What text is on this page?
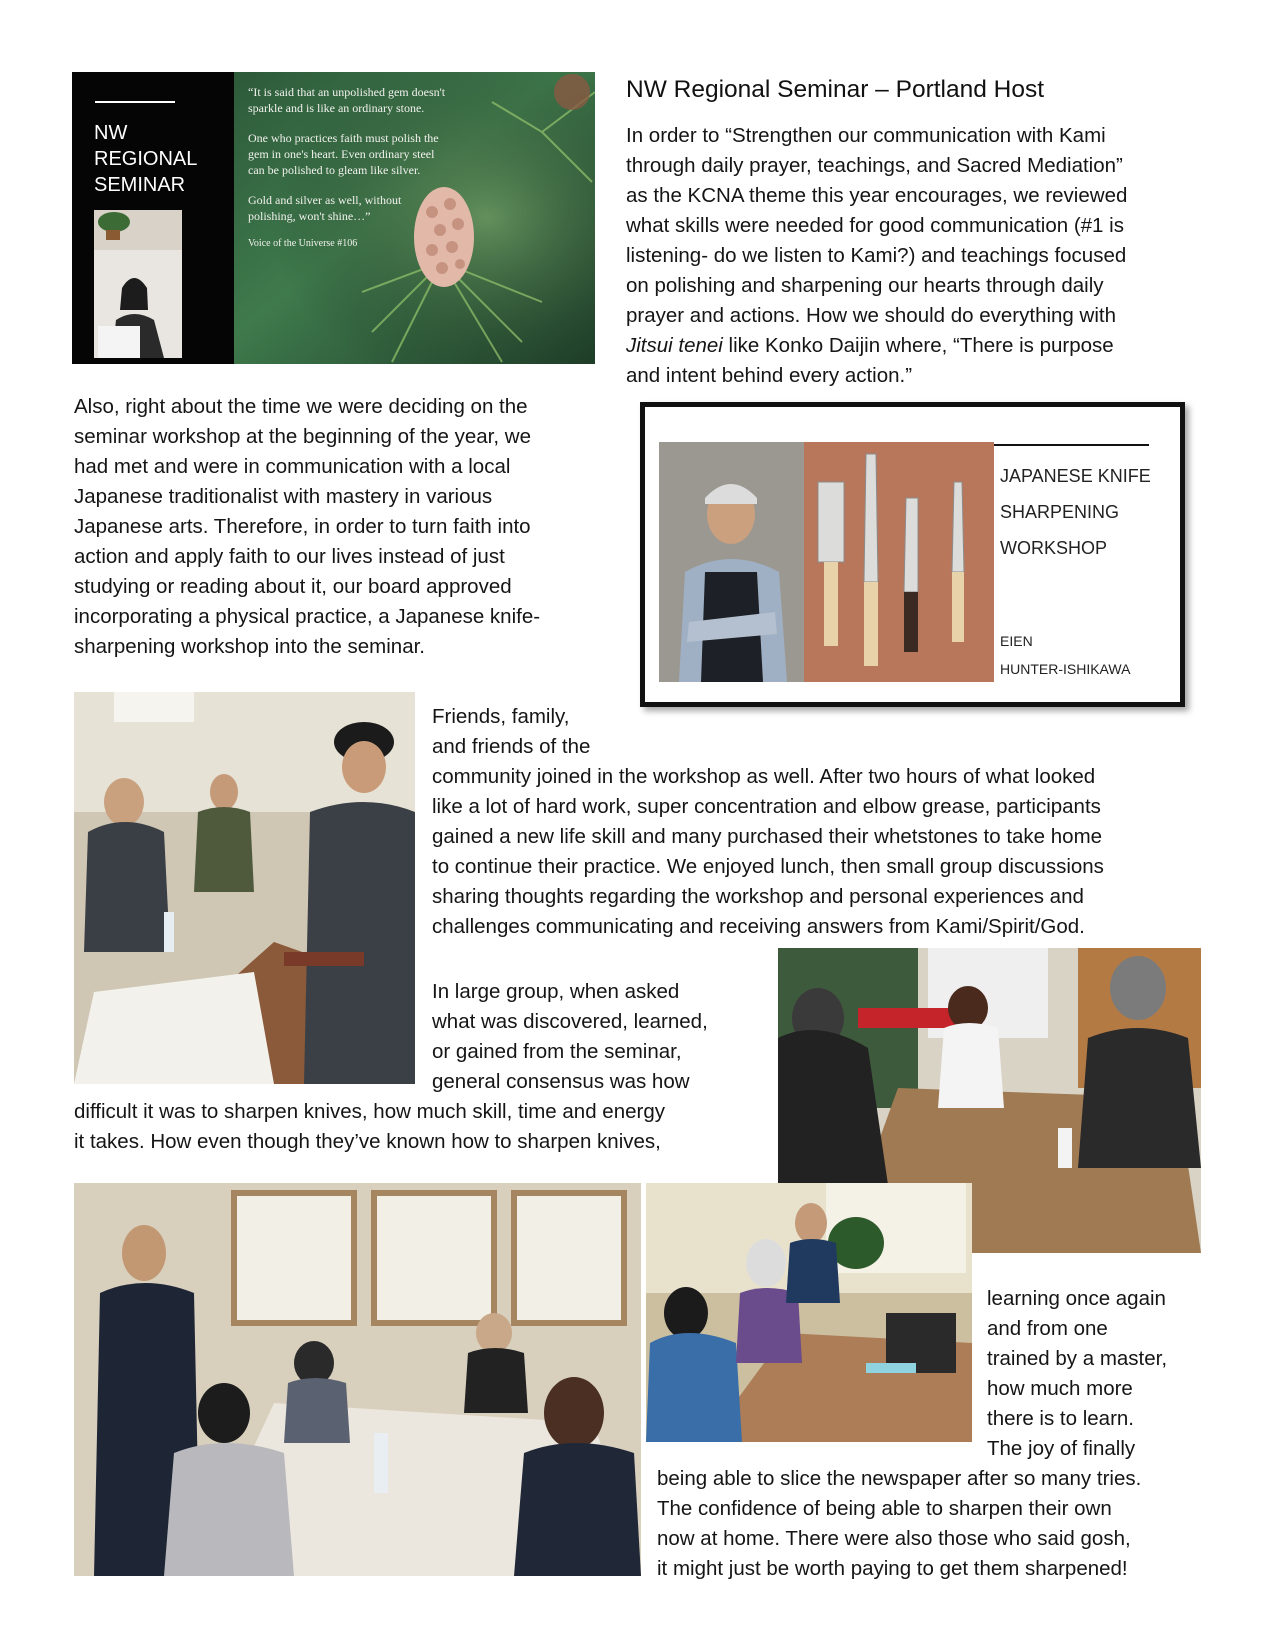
NW
REGIONAL
SEMINAR
“It is said that an unpolished gem doesn't
sparkle and is like an ordinary stone.
One who practices faith must polish the
gem in one's heart. Even ordinary steel
can be polished to gleam like silver.
Gold and silver as well, without
polishing, won't shine…”
Voice of the Universe #106
NW Regional Seminar – Portland Host
In order to “Strengthen our communication with Kami
through daily prayer, teachings, and Sacred Mediation”
as the KCNA theme this year encourages, we reviewed
what skills were needed for good communication (#1 is
listening- do we listen to Kami?) and teachings focused
on polishing and sharpening our hearts through daily
prayer and actions. How we should do everything with
Jitsui tenei like Konko Daijin where, “There is purpose
and intent behind every action.”
Also, right about the time we were deciding on the
seminar workshop at the beginning of the year, we
had met and were in communication with a local
Japanese traditionalist with mastery in various
Japanese arts. Therefore, in order to turn faith into
action and apply faith to our lives instead of just
studying or reading about it, our board approved
incorporating a physical practice, a Japanese knife-
sharpening workshop into the seminar.
JAPANESE KNIFE
SHARPENING
WORKSHOP
EIEN
HUNTER-ISHIKAWA
Friends, family,
and friends of the
community joined in the workshop as well. After two hours of what looked
like a lot of hard work, super concentration and elbow grease, participants
gained a new life skill and many purchased their whetstones to take home
to continue their practice. We enjoyed lunch, then small group discussions
sharing thoughts regarding the workshop and personal experiences and
challenges communicating and receiving answers from Kami/Spirit/God.
In large group, when asked
what was discovered, learned,
or gained from the seminar,
general consensus was how
difficult it was to sharpen knives, how much skill, time and energy
it takes. How even though they’ve known how to sharpen knives,
learning once again
and from one
trained by a master,
how much more
there is to learn.
The joy of finally
being able to slice the newspaper after so many tries.
The confidence of being able to sharpen their own
now at home. There were also those who said gosh,
it might just be worth paying to get them sharpened!
